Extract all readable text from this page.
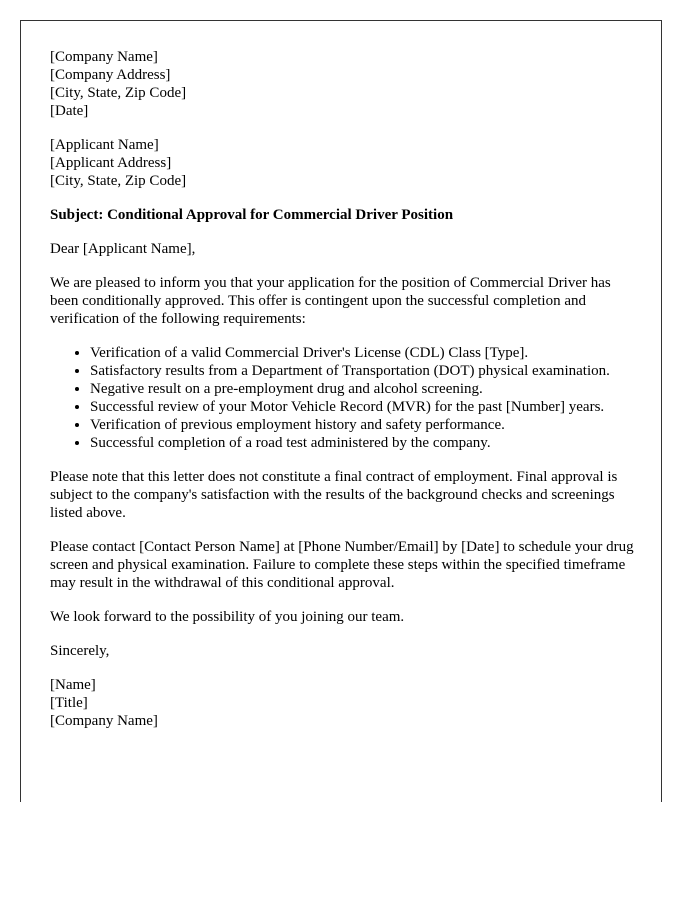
[Company Name]
[Company Address]
[City, State, Zip Code]
[Date]
[Applicant Name]
[Applicant Address]
[City, State, Zip Code]
Subject: Conditional Approval for Commercial Driver Position
Dear [Applicant Name],
We are pleased to inform you that your application for the position of Commercial Driver has been conditionally approved. This offer is contingent upon the successful completion and verification of the following requirements:
• Verification of a valid Commercial Driver's License (CDL) Class [Type].
• Satisfactory results from a Department of Transportation (DOT) physical examination.
• Negative result on a pre-employment drug and alcohol screening.
• Successful review of your Motor Vehicle Record (MVR) for the past [Number] years.
• Verification of previous employment history and safety performance.
• Successful completion of a road test administered by the company.
Please note that this letter does not constitute a final contract of employment. Final approval is subject to the company's satisfaction with the results of the background checks and screenings listed above.
Please contact [Contact Person Name] at [Phone Number/Email] by [Date] to schedule your drug screen and physical examination. Failure to complete these steps within the specified timeframe may result in the withdrawal of this conditional approval.
We look forward to the possibility of you joining our team.
Sincerely,
[Name]
[Title]
[Company Name]
